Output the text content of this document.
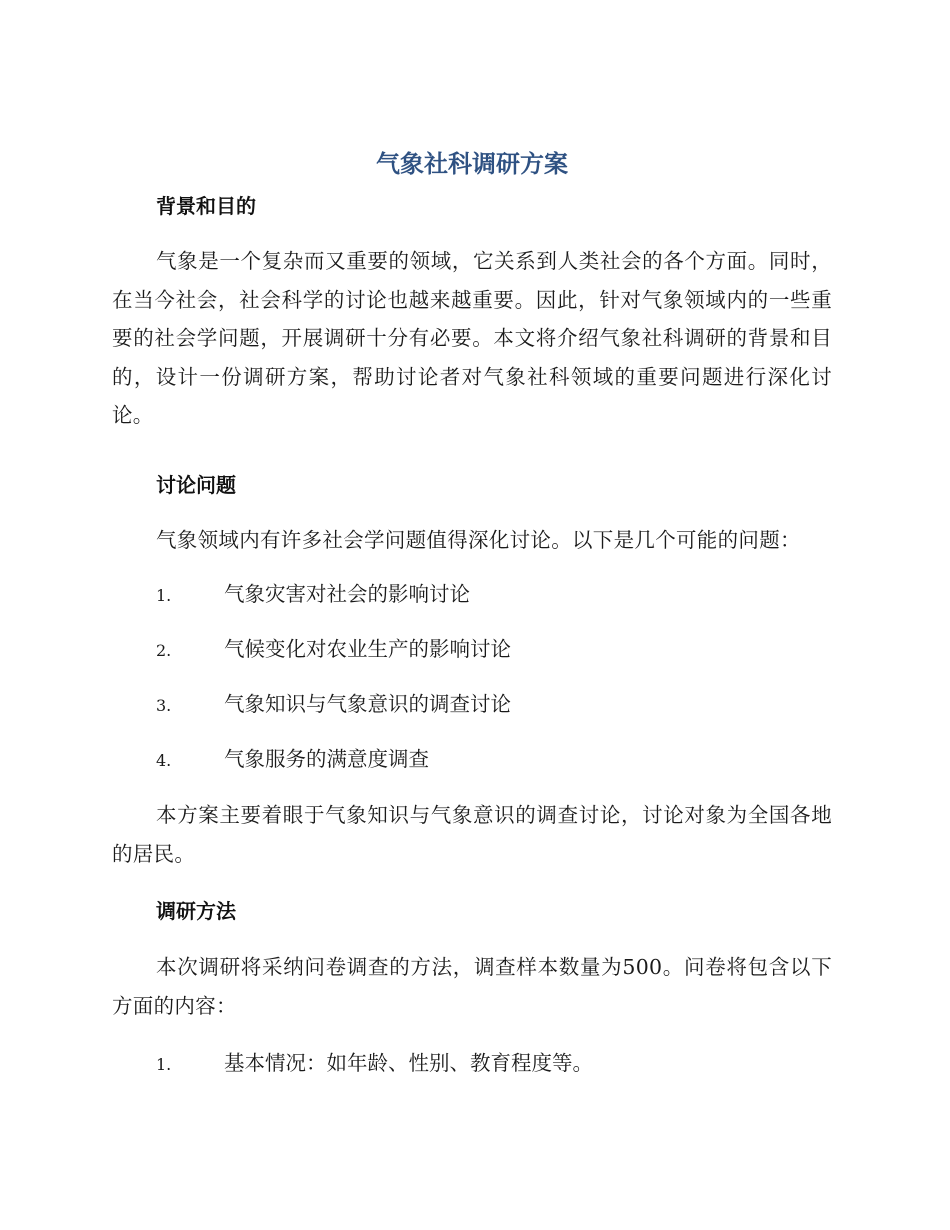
气象社科调研方案
背景和目的

气象是一个复杂而又重要的领域，它关系到人类社会的各个方面。同时，在当今社会，社会科学的讨论也越来越重要。因此，针对气象领域内的一些重要的社会学问题，开展调研十分有必要。本文将介绍气象社科调研的背景和目的，设计一份调研方案，帮助讨论者对气象社科领域的重要问题进行深化讨论。

讨论问题

气象领域内有许多社会学问题值得深化讨论。以下是几个可能的问题：

1.	气象灾害对社会的影响讨论
2.	气候变化对农业生产的影响讨论
3.	气象知识与气象意识的调查讨论
4.	气象服务的满意度调查

本方案主要着眼于气象知识与气象意识的调查讨论，讨论对象为全国各地的居民。

调研方法

本次调研将采纳问卷调查的方法，调查样本数量为500。问卷将包含以下方面的内容：

1.	基本情况：如年龄、性别、教育程度等。
